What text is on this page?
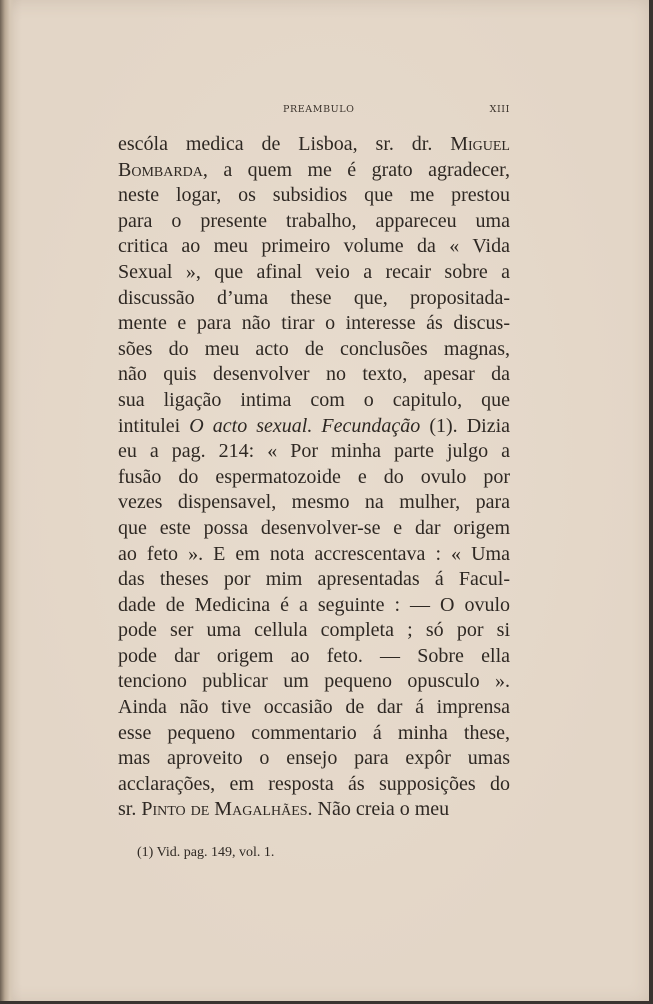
PREAMBULO	XIII
escóla medica de Lisboa, sr. dr. Miguel
Bombarda, a quem me é grato agradecer,
neste logar, os subsidios que me prestou
para o presente trabalho, appareceu uma
critica ao meu primeiro volume da « Vida
Sexual », que afinal veio a recair sobre a
discussão d’uma these que, propositada-
mente e para não tirar o interesse ás discus-
sões do meu acto de conclusões magnas,
não quis desenvolver no texto, apesar da
sua ligação intima com o capitulo, que
intitulei O acto sexual. Fecundação (1). Dizia
eu a pag. 214: « Por minha parte julgo a
fusão do espermatozoide e do ovulo por
vezes dispensavel, mesmo na mulher, para
que este possa desenvolver-se e dar origem
ao feto ». E em nota accrescentava : « Uma
das theses por mim apresentadas á Facul-
dade de Medicina é a seguinte : — O ovulo
pode ser uma cellula completa ; só por si
pode dar origem ao feto. — Sobre ella
tenciono publicar um pequeno opusculo ».
Ainda não tive occasião de dar á imprensa
esse pequeno commentario á minha these,
mas aproveito o ensejo para expôr umas
acclarações, em resposta ás supposições do
sr. Pinto de Magalhães. Não creia o meu
(1) Vid. pag. 149, vol. 1.
